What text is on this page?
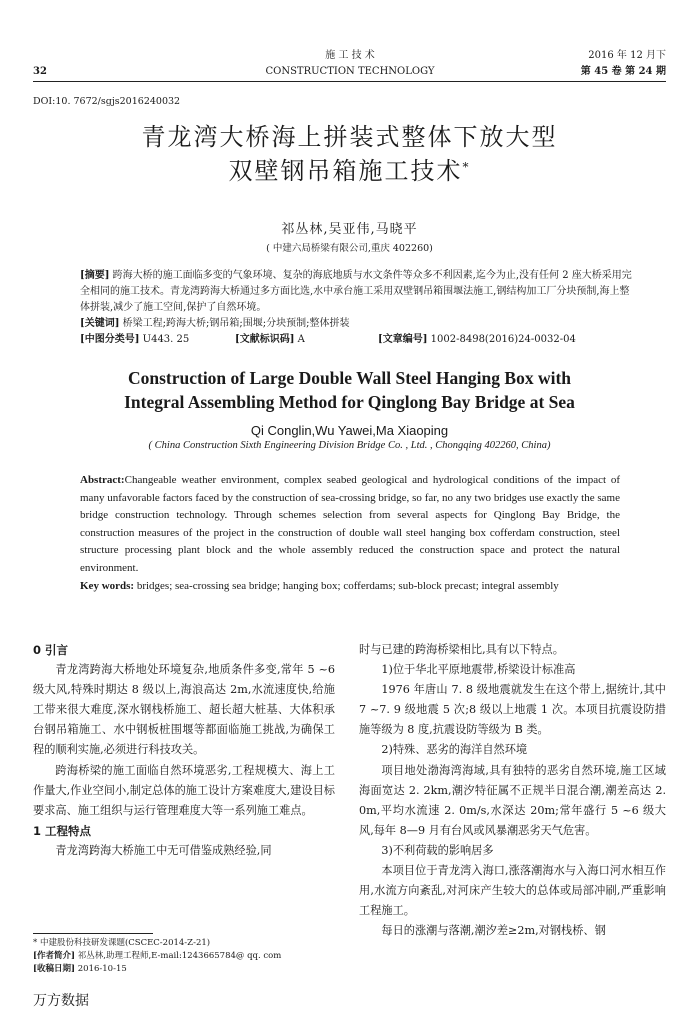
32
施 工 技 术
CONSTRUCTION TECHNOLOGY
2016 年 12 月下
第 45 卷 第 24 期
DOI:10. 7672/sgjs2016240032
青龙湾大桥海上拼装式整体下放大型
双壁钢吊箱施工技术*
祁丛林,吴亚伟,马晓平
( 中建六局桥梁有限公司,重庆 402260)
[摘要] 跨海大桥的施工面临多变的气象环境、复杂的海底地质与水文条件等众多不利因素,迄今为止,没有任何 2 座大桥采用完全相同的施工技术。青龙湾跨海大桥通过多方面比选,水中承台施工采用双壁钢吊箱围堰法施工,钢结构加工厂分块预制,海上整体拼装,减少了施工空间,保护了自然环境。
[关键词] 桥梁工程;跨海大桥;钢吊箱;围堰;分块预制;整体拼装
[中图分类号] U443. 25	[文献标识码] A	[文章编号] 1002-8498(2016)24-0032-04
Construction of Large Double Wall Steel Hanging Box with
Integral Assembling Method for Qinglong Bay Bridge at Sea
Qi Conglin,Wu Yawei,Ma Xiaoping
( China Construction Sixth Engineering Division Bridge Co. , Ltd. , Chongqing 402260, China)
Abstract:Changeable weather environment, complex seabed geological and hydrological conditions of the impact of many unfavorable factors faced by the construction of sea-crossing bridge, so far, no any two bridges use exactly the same bridge construction technology. Through schemes selection from several aspects for Qinglong Bay Bridge, the construction measures of the project in the construction of double wall steel hanging box cofferdam construction, steel structure processing plant block and the whole assembly reduced the construction space and protect the natural environment.
Key words: bridges; sea-crossing sea bridge; hanging box; cofferdams; sub-block precast; integral assembly

0 引言

青龙湾跨海大桥地处环境复杂,地质条件多变,常年 5 ~6 级大风,特殊时期达 8 级以上,海浪高达 2m,水流速度快,给施工带来很大难度,深水钢栈桥施工、超长超大桩基、大体积承台钢吊箱施工、水中钢板桩围堰等都面临施工挑战,为确保工程的顺利实施,必须进行科技攻关。

跨海桥梁的施工面临自然环境恶劣,工程规模大、海上工作量大,作业空间小,制定总体的施工设计方案难度大,建设目标要求高、施工组织与运行管理难度大等一系列施工难点。

1 工程特点

青龙湾跨海大桥施工中无可借鉴成熟经验,同

* 中建股份科技研发课题(CSCEC-2014-Z-21)
[作者简介] 祁丛林,助理工程师,E-mail:1243665784@ qq. com
[收稿日期] 2016-10-15

时与已建的跨海桥梁相比,具有以下特点。

1)位于华北平原地震带,桥梁设计标准高

1976 年唐山 7. 8 级地震就发生在这个带上,据统计,其中 7 ~7. 9 级地震 5 次;8 级以上地震 1 次。本项目抗震设防措施等级为 8 度,抗震设防等级为 B 类。

2)特殊、恶劣的海洋自然环境

项目地处渤海湾海域,具有独特的恶劣自然环境,施工区域海面宽达 2. 2km,潮汐特征属不正规半日混合潮,潮差高达 2. 0m,平均水流速 2. 0m/s,水深达 20m;常年盛行 5 ~6 级大风,每年 8—9 月有台风或风暴潮恶劣天气危害。

3)不利荷载的影响居多

本项目位于青龙湾入海口,涨落潮海水与入海口河水相互作用,水流方向紊乱,对河床产生较大的总体或局部冲刷,严重影响工程施工。

每日的涨潮与落潮,潮汐差≥2m,对钢栈桥、钢

万方数据
